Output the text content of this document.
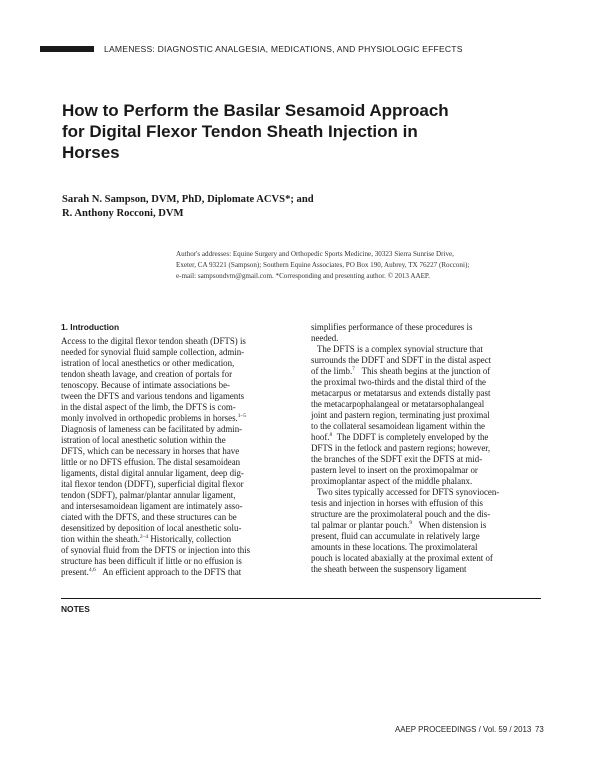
LAMENESS: DIAGNOSTIC ANALGESIA, MEDICATIONS, AND PHYSIOLOGIC EFFECTS
How to Perform the Basilar Sesamoid Approach
for Digital Flexor Tendon Sheath Injection in
Horses
Sarah N. Sampson, DVM, PhD, Diplomate ACVS*; and
R. Anthony Rocconi, DVM
Author's addresses: Equine Surgery and Orthopedic Sports Medicine, 30323 Sierra Sunrise Drive,
Exeter, CA 93221 (Sampson); Southern Equine Associates, PO Box 190, Aubrey, TX 76227 (Rocconi);
e-mail: sampsondvm@gmail.com. *Corresponding and presenting author. © 2013 AAEP.
1. Introduction
Access to the digital flexor tendon sheath (DFTS) is
needed for synovial fluid sample collection, admin-
istration of local anesthetics or other medication,
tendon sheath lavage, and creation of portals for
tenoscopy. Because of intimate associations be-
tween the DFTS and various tendons and ligaments
in the distal aspect of the limb, the DFTS is com-
monly involved in orthopedic problems in horses.$^{1-5}$
Diagnosis of lameness can be facilitated by admin-
istration of local anesthetic solution within the
DFTS, which can be necessary in horses that have
little or no DFTS effusion. The distal sesamoidean
ligaments, distal digital annular ligament, deep dig-
ital flexor tendon (DDFT), superficial digital flexor
tendon (SDFT), palmar/plantar annular ligament,
and intersesamoidean ligament are intimately asso-
ciated with the DFTS, and these structures can be
desensitized by deposition of local anesthetic solu-
tion within the sheath.$^{2-4}$ Historically, collection
of synovial fluid from the DFTS or injection into this
structure has been difficult if little or no effusion is
present.$^{4,6}$ An efficient approach to the DFTS that
simplifies performance of these procedures is
needed.
The DFTS is a complex synovial structure that
surrounds the DDFT and SDFT in the distal aspect
of the limb.$^7$ This sheath begins at the junction of
the proximal two-thirds and the distal third of the
metacarpus or metatarsus and extends distally past
the metacarpophalangeal or metatarsophalangeal
joint and pastern region, terminating just proximal
to the collateral sesamoidean ligament within the
hoof.$^8$ The DDFT is completely enveloped by the
DFTS in the fetlock and pastern regions; however,
the branches of the SDFT exit the DFTS at mid-
pastern level to insert on the proximopalmar or
proximoplantar aspect of the middle phalanx.
Two sites typically accessed for DFTS synoviocen-
tesis and injection in horses with effusion of this
structure are the proximolateral pouch and the dis-
tal palmar or plantar pouch.$^9$ When distension is
present, fluid can accumulate in relatively large
amounts in these locations. The proximolateral
pouch is located abaxially at the proximal extent of
the sheath between the suspensory ligament
NOTES
AAEP PROCEEDINGS / Vol. 59 / 2013 73
